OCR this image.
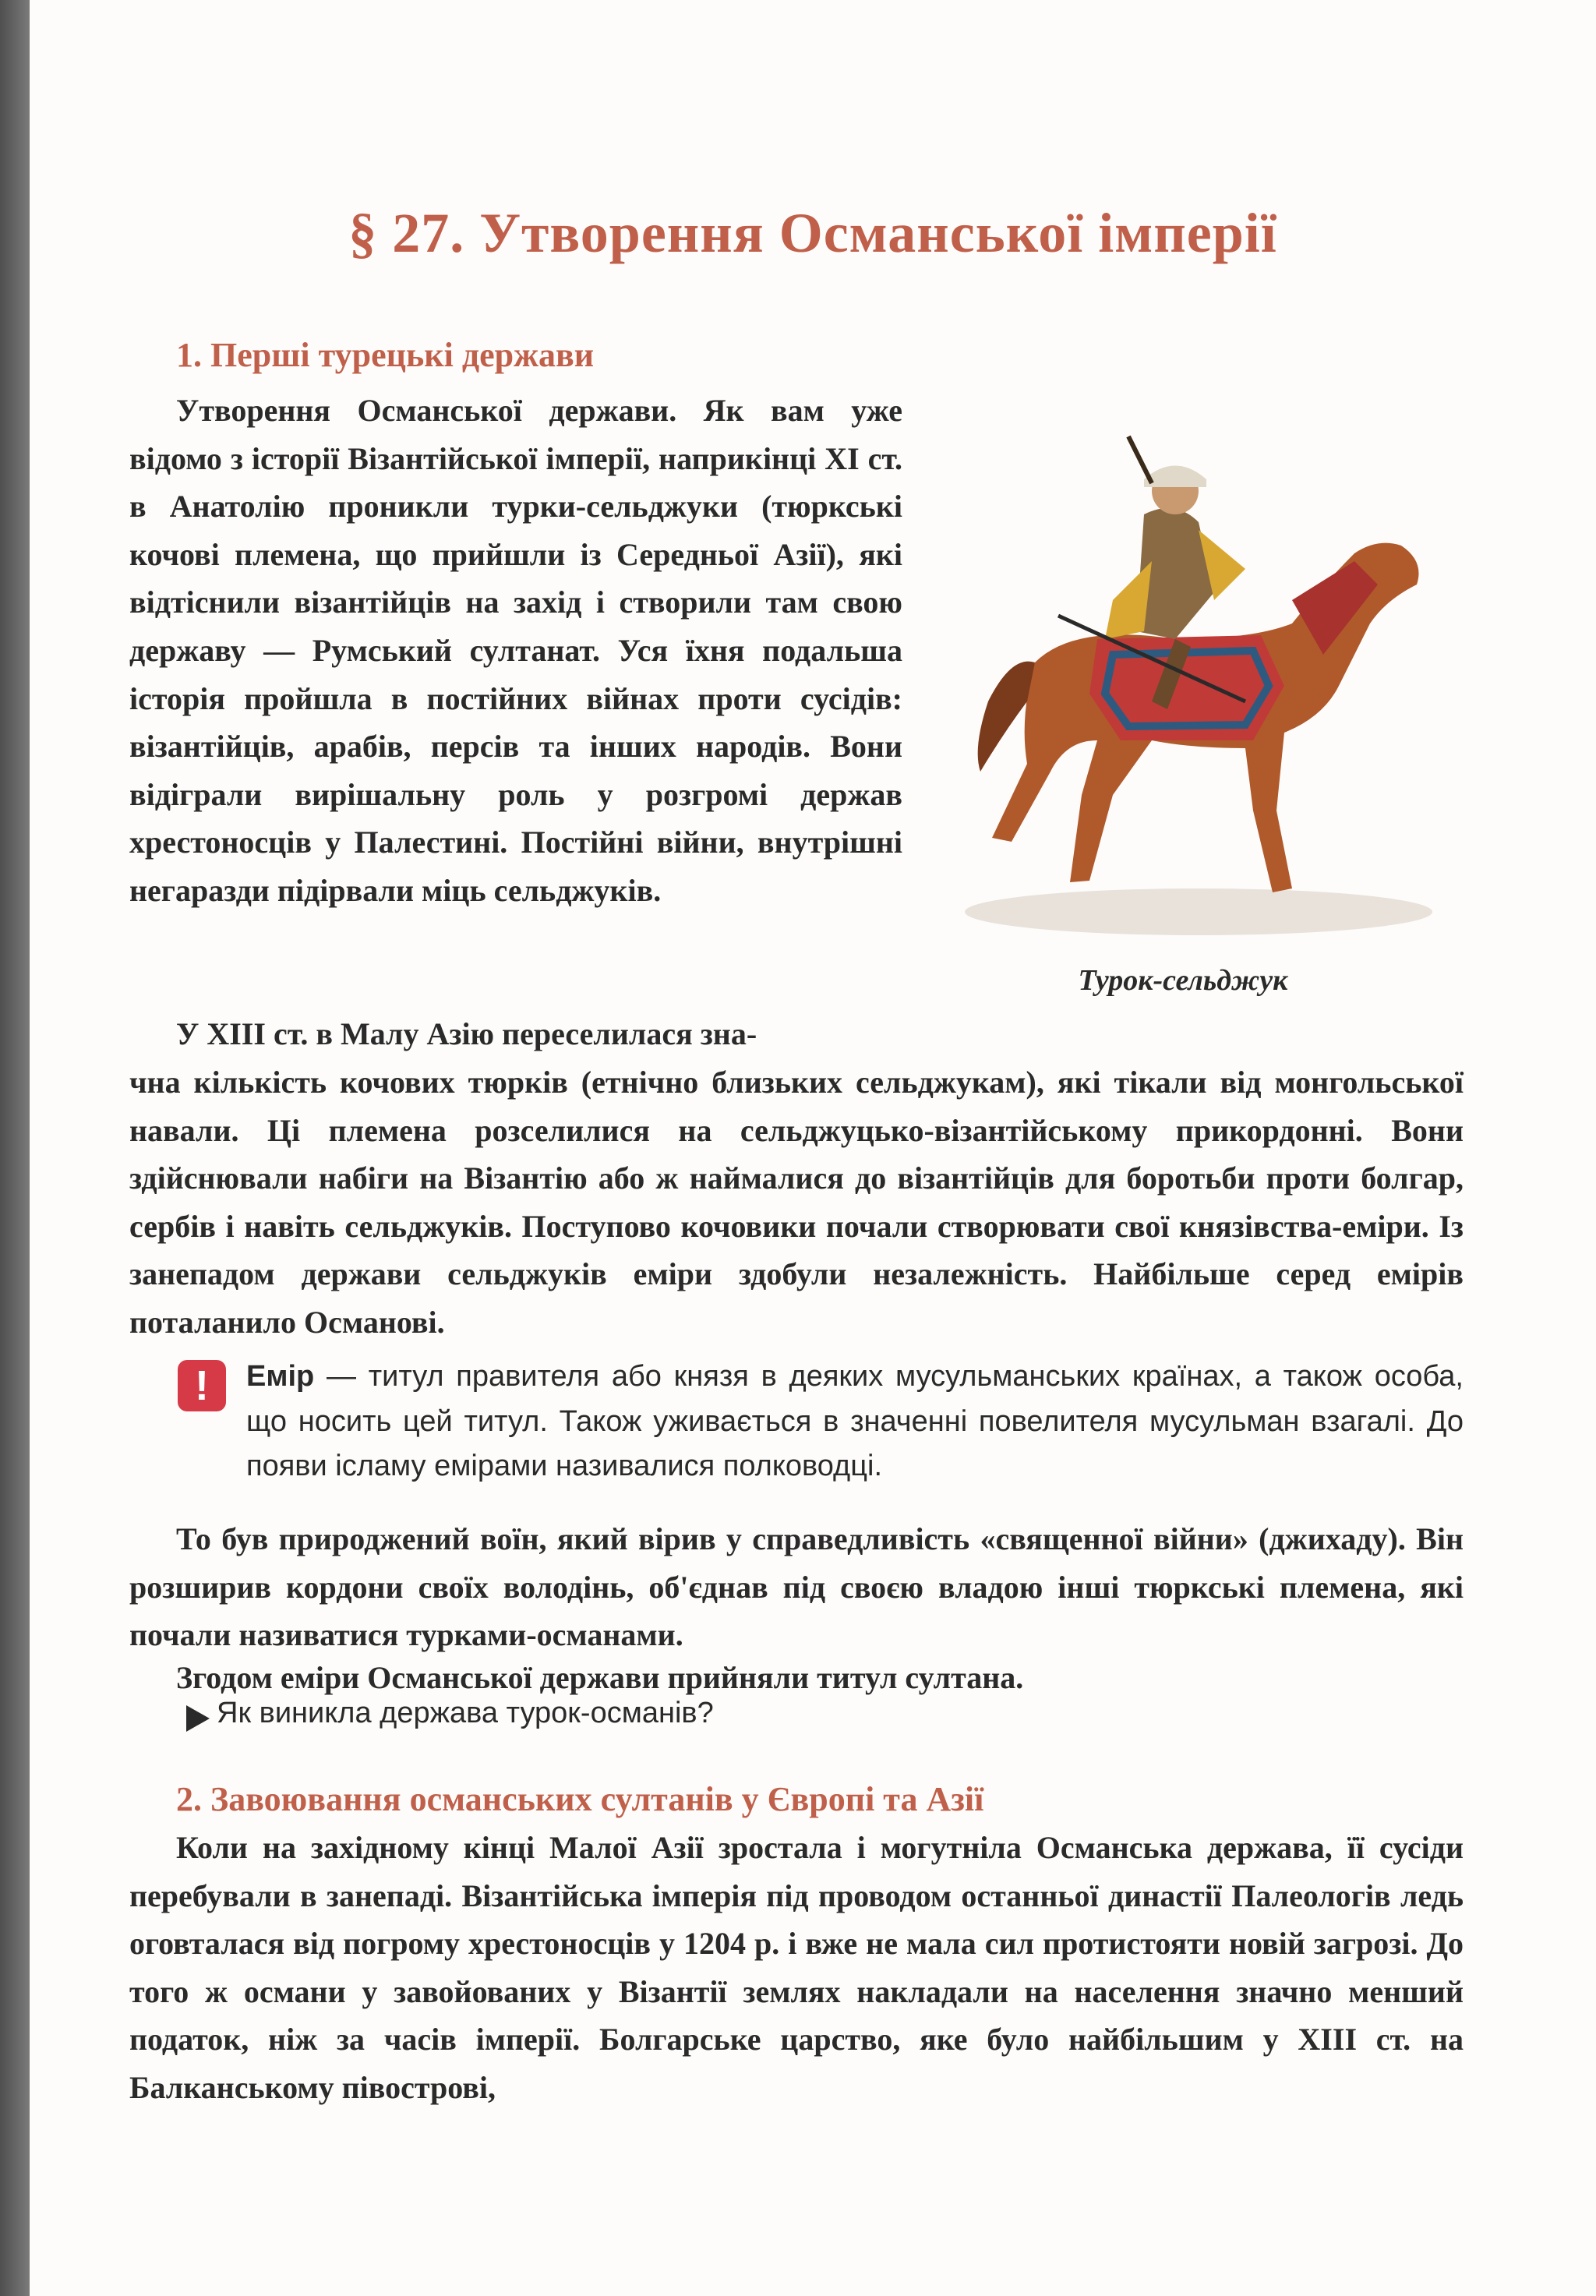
§ 27. Утворення Османської імперії
1. Перші турецькі держави

Утворення Османської держави. Як вам уже відомо з історії Візантійської імперії, наприкінці XI ст. в Анатолію проникли турки-сельджуки (тюркські кочові племена, що прийшли із Середньої Азії), які відтіснили візантійців на захід і створили там свою державу — Румський султанат. Уся їхня подальша історія пройшла в постійних війнах проти сусідів: візантійців, арабів, персів та інших народів. Вони відіграли вирішальну роль у розгромі держав хрестоносців у Палестині. Постійні війни, внутрішні негаразди підірвали міць сельджуків.

Турок-сельджук

У XIII ст. в Малу Азію переселилася зна-

чна кількість кочових тюрків (етнічно близьких сельджукам), які тікали від монгольської навали. Ці племена розселилися на сельджуцько-візантійському прикордонні. Вони здійснювали набіги на Візантію або ж наймалися до візантійців для боротьби проти болгар, сербів і навіть сельджуків. Поступово кочовики почали створювати свої князівства-еміри. Із занепадом держави сельджуків еміри здобули незалежність. Найбільше серед емірів поталанило Османові.

!	Емір — титул правителя або князя в деяких мусульманських країнах, а також особа, що носить цей титул. Також уживається в значенні повелителя мусульман взагалі. До появи ісламу емірами називалися полководці.

То був природжений воїн, який вірив у справедливість «священної війни» (джихаду). Він розширив кордони своїх володінь, об'єднав під своєю владою інші тюркські племена, які почали називатися турками-османами.

Згодом еміри Османської держави прийняли титул султана.

Як виникла держава турок-османів?
2. Завоювання османських султанів у Європі та Азії

Коли на західному кінці Малої Азії зростала і могутніла Османська держава, її сусіди перебували в занепаді. Візантійська імперія під проводом останньої династії Палеологів ледь оговталася від погрому хрестоносців у 1204 р. і вже не мала сил протистояти новій загрозі. До того ж османи у завойованих у Візантії землях накладали на населення значно менший податок, ніж за часів імперії. Болгарське царство, яке було найбільшим у XIII ст. на Балканському півострові,
